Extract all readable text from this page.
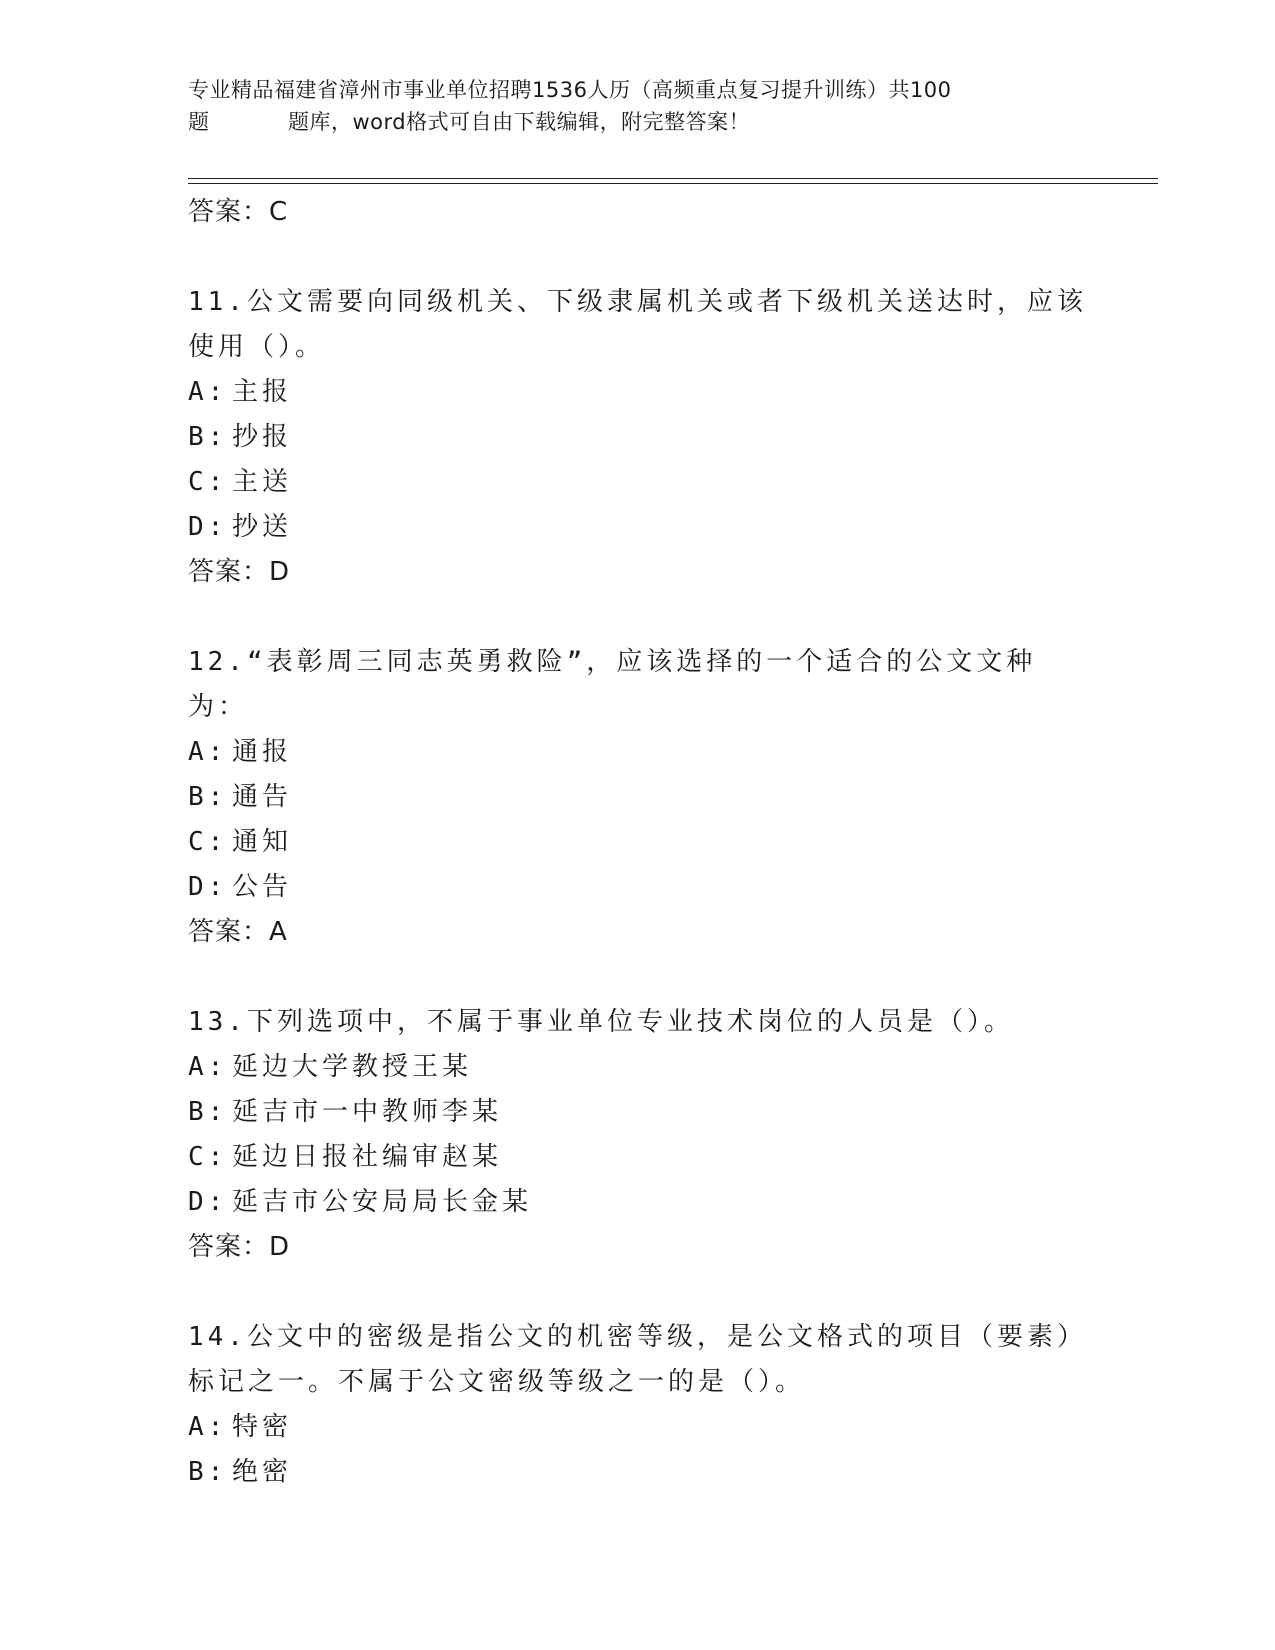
专业精品福建省漳州市事业单位招聘1536人历（高频重点复习提升训练）共100
题	题库，word格式可自由下载编辑，附完整答案！
答案：C
11.公文需要向同级机关、下级隶属机关或者下级机关送达时，应该使用（）。
A: 主报
B: 抄报
C: 主送
D: 抄送
答案：D
12.“表彰周三同志英勇救险”，应该选择的一个适合的公文文种为：
A: 通报
B: 通告
C: 通知
D: 公告
答案：A
13.下列选项中，不属于事业单位专业技术岗位的人员是（）。
A: 延边大学教授王某
B: 延吉市一中教师李某
C: 延边日报社编审赵某
D: 延吉市公安局局长金某
答案：D
14.公文中的密级是指公文的机密等级，是公文格式的项目（要素）标记之一。不属于公文密级等级之一的是（）。
A: 特密
B: 绝密
